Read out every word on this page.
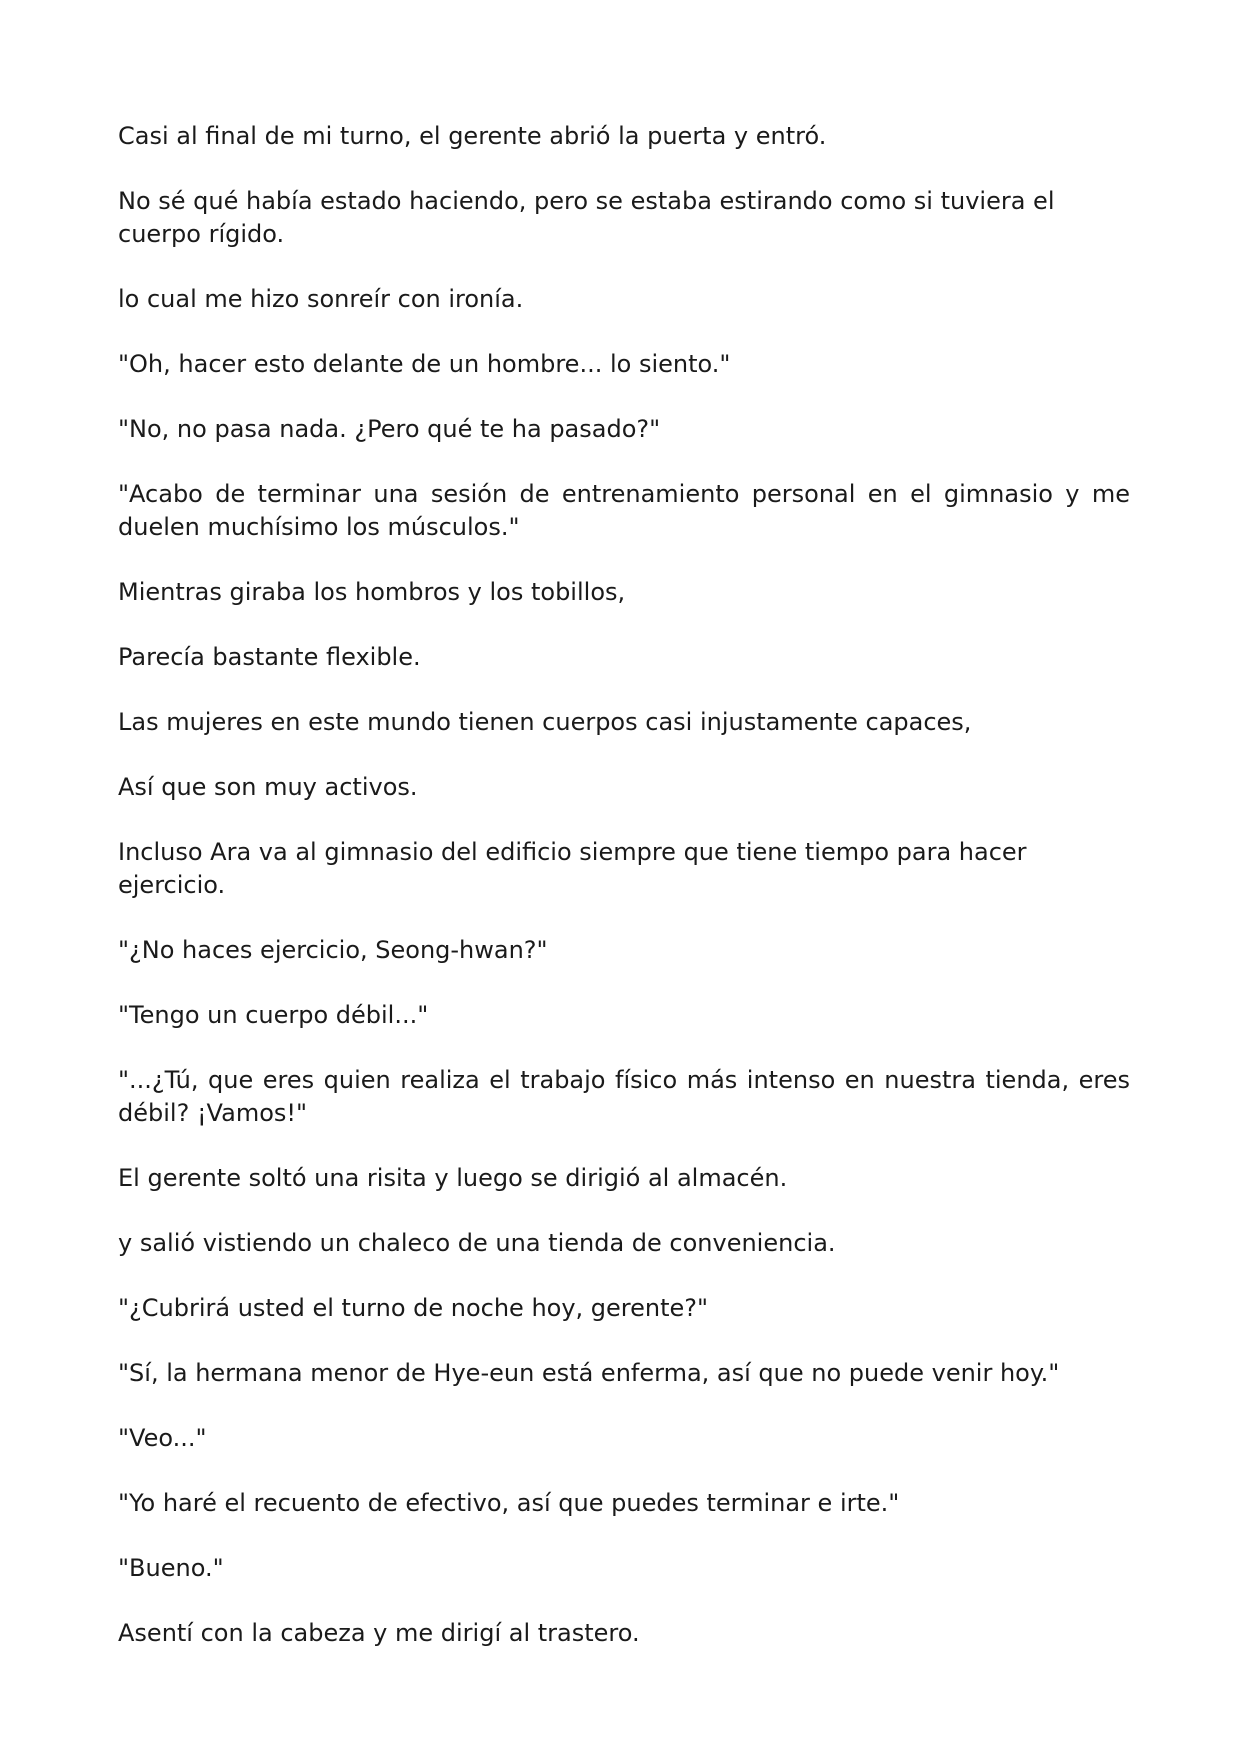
Casi al final de mi turno, el gerente abrió la puerta y entró.

No sé qué había estado haciendo, pero se estaba estirando como si tuviera el cuerpo rígido.

lo cual me hizo sonreír con ironía.

"Oh, hacer esto delante de un hombre... lo siento."

"No, no pasa nada. ¿Pero qué te ha pasado?"

"Acabo de terminar una sesión de entrenamiento personal en el gimnasio y me duelen muchísimo los músculos."

Mientras giraba los hombros y los tobillos,

Parecía bastante flexible.

Las mujeres en este mundo tienen cuerpos casi injustamente capaces,

Así que son muy activos.

Incluso Ara va al gimnasio del edificio siempre que tiene tiempo para hacer ejercicio.

"¿No haces ejercicio, Seong-hwan?"

"Tengo un cuerpo débil..."

"...¿Tú, que eres quien realiza el trabajo físico más intenso en nuestra tienda, eres débil? ¡Vamos!"

El gerente soltó una risita y luego se dirigió al almacén.

y salió vistiendo un chaleco de una tienda de conveniencia.

"¿Cubrirá usted el turno de noche hoy, gerente?"

"Sí, la hermana menor de Hye-eun está enferma, así que no puede venir hoy."

"Veo..."

"Yo haré el recuento de efectivo, así que puedes terminar e irte."

"Bueno."

Asentí con la cabeza y me dirigí al trastero.
